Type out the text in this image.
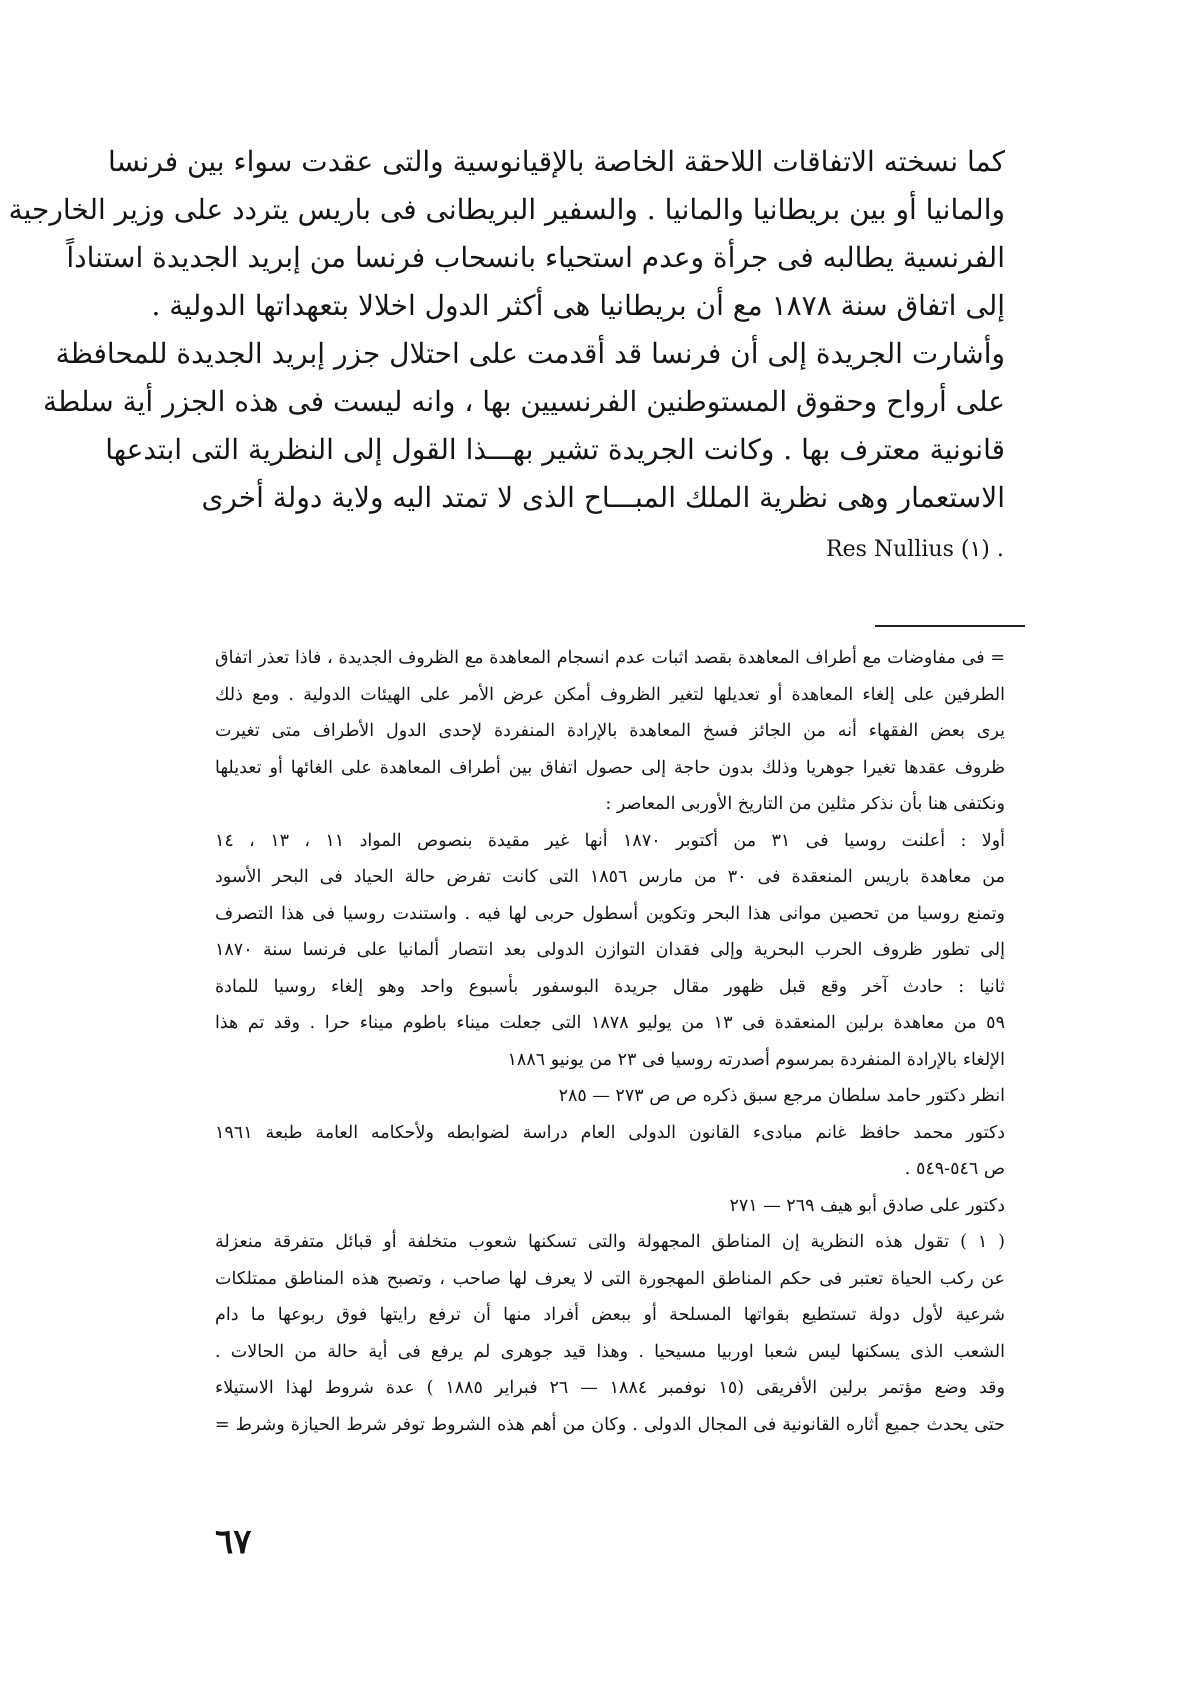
كما نسخته الاتفاقات اللاحقة الخاصة بالإقيانوسية والتى عقدت سواء بين فرنسا
والمانيا أو بين بريطانيا والمانيا . والسفير البريطانى فى باريس يتردد على وزير الخارجية
الفرنسية يطالبه فى جرأة وعدم استحياء بانسحاب فرنسا من إبريد الجديدة استناداً
إلى اتفاق سنة ١٨٧٨ مع أن بريطانيا هى أكثر الدول اخلالا بتعهداتها الدولية .
وأشارت الجريدة إلى أن فرنسا قد أقدمت على احتلال جزر إبريد الجديدة للمحافظة
على أرواح وحقوق المستوطنين الفرنسيين بها ، وانه ليست فى هذه الجزر أية سلطة
قانونية معترف بها . وكانت الجريدة تشير بهـــذا القول إلى النظرية التى ابتدعها
الاستعمار وهى نظرية الملك المبـــاح الذى لا تمتد اليه ولاية دولة أخرى
Res Nullius (١) .
= فى مفاوضات مع أطراف المعاهدة بقصد اثبات عدم انسجام المعاهدة مع الظروف الجديدة ، فاذا تعذر اتفاق
الطرفين على إلغاء المعاهدة أو تعديلها لتغير الظروف أمكن عرض الأمر على الهيئات الدولية . ومع ذلك
يرى بعض الفقهاء أنه من الجائز فسخ المعاهدة بالإرادة المنفردة لإحدى الدول الأطراف متى تغيرت
ظروف عقدها تغيرا جوهريا وذلك بدون حاجة إلى حصول اتفاق بين أطراف المعاهدة على الغائها أو تعديلها
ونكتفى هنا بأن نذكر مثلين من التاريخ الأوربى المعاصر :
أولا : أعلنت روسيا فى ٣١ من أكتوبر ١٨٧٠ أنها غير مقيدة بنصوص المواد ١١ ، ١٣ ، ١٤
من معاهدة باريس المنعقدة فى ٣٠ من مارس ١٨٥٦ التى كانت تفرض حالة الحياد فى البحر الأسود
وتمنع روسيا من تحصين موانى هذا البحر وتكوين أسطول حربى لها فيه . واستندت روسيا فى هذا التصرف
إلى تطور ظروف الحرب البحرية وإلى فقدان التوازن الدولى بعد انتصار ألمانيا على فرنسا سنة ١٨٧٠
ثانيا : حادث آخر وقع قبل ظهور مقال جريدة البوسفور بأسبوع واحد وهو إلغاء روسيا للمادة
٥٩ من معاهدة برلين المنعقدة فى ١٣ من يوليو ١٨٧٨ التى جعلت ميناء باطوم ميناء حرا . وقد تم هذا
الإلغاء بالإرادة المنفردة بمرسوم أصدرته روسيا فى ٢٣ من يونيو ١٨٨٦
انظر دكتور حامد سلطان مرجع سبق ذكره ص ص ٢٧٣ — ٢٨٥
دكتور محمد حافظ غانم مبادىء القانون الدولى العام دراسة لضوابطه ولأحكامه العامة طبعة ١٩٦١
ص ٥٤٦-٥٤٩ .
دكتور على صادق أبو هيف ٢٦٩ — ٢٧١
( ١ ) تقول هذه النظرية إن المناطق المجهولة والتى تسكنها شعوب متخلفة أو قبائل متفرقة منعزلة
عن ركب الحياة تعتبر فى حكم المناطق المهجورة التى لا يعرف لها صاحب ، وتصبح هذه المناطق ممتلكات
شرعية لأول دولة تستطيع بقواتها المسلحة أو ببعض أفراد منها أن ترفع رايتها فوق ربوعها ما دام
الشعب الذى يسكنها ليس شعبا اوربيا مسيحيا . وهذا قيد جوهرى لم يرفع فى أية حالة من الحالات .
وقد وضع مؤتمر برلين الأفريقى (١٥ نوفمبر ١٨٨٤ — ٢٦ فبراير ١٨٨٥ ) عدة شروط لهذا الاستيلاء
حتى يحدث جميع أثاره القانونية فى المجال الدولى . وكان من أهم هذه الشروط توفر شرط الحيازة وشرط =
٦٧
